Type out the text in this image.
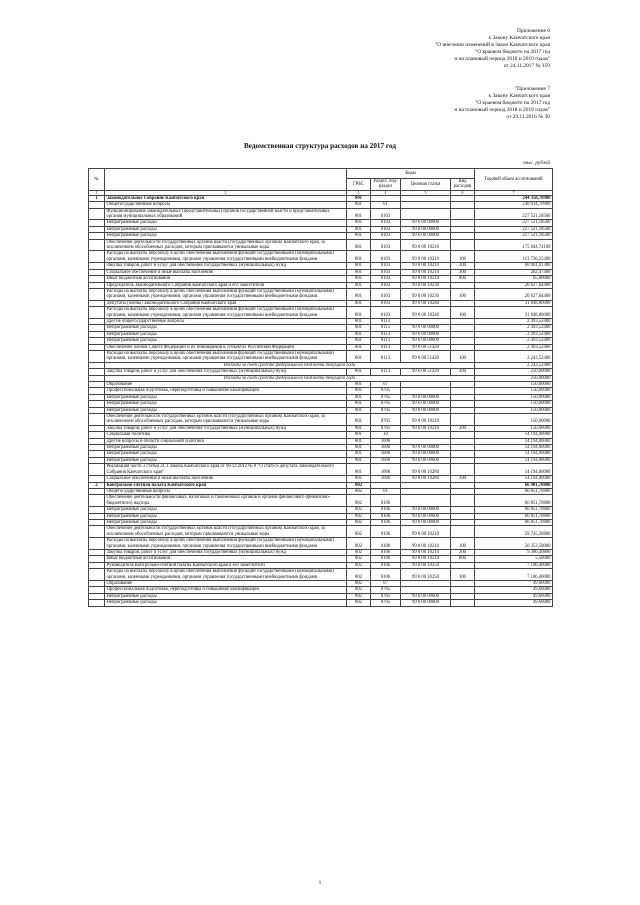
Приложение 6
к Закону Камчатского края
"О внесении изменений в Закон Камчатского края
"О краевом бюджете на 2017 год
и на плановый период 2018 и 2019 годов"
от 24.11.2017 № 159
"Приложение 7
к Закону Камчатского края
"О краевом бюджете на 2017 год
и на плановый период 2018 и 2019 годов"
от 29.11.2016 № 30
Ведомственная структура расходов на 2017 год
тыс. рублей
№		Коды				Годовой объем ассигнований
		ГРБС	Раздел, под-раздел	Целевая статья	Вид расходов	
1	2	3	4	5	6	7
1	Законодательное Собрание Камчатского края	801				244 358,70900
	Общегосударственные вопросы	801	01			230 014,70900
	Функционирование законодательных (представительных) органов государственной власти и представительных органов муниципальных образований	801	0103			227 521,18500
	Непрограммные расходы	801	0103	99 0 00 00000		227 521,18500
	Непрограммные расходы	801	0103	99 0 00 00000		227 521,18500
	Непрограммные расходы	801	0103	99 0 00 00000		227 521,18500
	Обеспечение деятельности государственных органов власти (государственных органов) Камчатского края, за исключением обособленных расходов, которым присваиваются уникальные коды	801	0103	99 0 00 10210		175 044,74100
	Расходы на выплаты персоналу в целях обеспечения выполнения функций государственными (муниципальными) органами, казенными учреждениями, органами управления государственными внебюджетными фондами	801	0103	99 0 00 10210	100	113 736,25400
	Закупка товаров, работ и услуг для обеспечения государственных (муниципальных) нужд	801	0103	99 0 00 10210	200	60 961,01300
	Социальное обеспечение и иные выплаты населению	801	0103	99 0 00 10210	300	282,47400
	Иные бюджетные ассигнования	801	0103	99 0 00 10210	800	65,00000
	Председатель Законодательного Собрания Камчатского края и его заместители	801	0103	99 0 00 10230		20 627,64400
	Расходы на выплаты персоналу в целях обеспечения выполнения функций государственными (муниципальными) органами, казенными учреждениями, органами управления государственными внебюджетными фондами	801	0103	99 0 00 10230	100	20 627,64400
	Депутаты (члены) Законодательного Собрания Камчатского края	801	0103	99 0 00 10240		31 848,80000
	Расходы на выплаты персоналу в целях обеспечения выполнения функций государственными (муниципальными) органами, казенными учреждениями, органами управления государственными внебюджетными фондами	801	0103	99 0 00 10240	100	31 848,80000
	Другие общегосударственные вопросы	801	0113			2 493,52400
	Непрограммные расходы	801	0113	99 0 00 00000		2 493,52400
	Непрограммные расходы	801	0113	99 0 00 00000		2 493,52400
	Непрограммные расходы	801	0113	99 0 00 00000		2 493,52400
	Обеспечение членов Совета Федерации и их помощников в субъектах Российской Федерации	801	0113	99 0 00 51420		2 493,52400
	Расходы на выплаты персоналу в целях обеспечения выполнения функций государственными (муниципальными) органами, казенными учреждениями, органами управления государственными внебюджетными фондами	801	0113	99 0 00 51420	100	2 243,52400
	Расходы за счет средств федерального бюджета текущего года					2 243,52400
	Закупка товаров, работ и услуг для обеспечения государственных (муниципальных) нужд	801	0113	99 0 00 51420	200	250,00000
	Расходы за счет средств федерального бюджета текущего года					250,00000
	Образование	801	07			150,00000
	Профессиональная подготовка, переподготовка и повышение квалификации	801	0705			150,00000
	Непрограммные расходы	801	0705	99 0 00 00000		150,00000
	Непрограммные расходы	801	0705	99 0 00 00000		150,00000
	Непрограммные расходы	801	0705	99 0 00 00000		150,00000
	Обеспечение деятельности государственных органов власти (государственных органов) Камчатского края, за исключением обособленных расходов, которым присваиваются уникальные коды	801	0705	99 0 00 10210		150,00000
	Закупка товаров, работ и услуг для обеспечения государственных (муниципальных) нужд	801	0705	99 0 00 10210	200	150,00000
	Социальная политика	801	10			14 194,00000
	Другие вопросы в области социальной политики	801	1006			14 194,00000
	Непрограммные расходы	801	1006	99 0 00 00000		14 194,00000
	Непрограммные расходы	801	1006	99 0 00 00000		14 194,00000
	Непрограммные расходы	801	1006	99 0 00 00000		14 194,00000
	Реализация части 3 статьи 21.1 Закона Камчатского края от 08.12.2012 № 8 "О статусе депутата Законодательного Собрания Камчатского края"	801	1006	99 0 00 10280		14 194,00000
	Социальное обеспечение и иные выплаты населению	801	1006	99 0 00 10280	300	14 194,00000
2	Контрольно-счетная палата Камчатского края	802				66 901,70800
	Общегосударственные вопросы	802	01			66 851,70800
	Обеспечение деятельности финансовых, налоговых и таможенных органов и органов финансового (финансово-бюджетного) надзора	802	0106			66 851,70800
	Непрограммные расходы	802	0106	99 0 00 00000		66 851,70800
	Непрограммные расходы	802	0106	99 0 00 00000		66 851,70800
	Непрограммные расходы	802	0106	99 0 00 00000		66 851,70800
	Обеспечение деятельности государственных органов власти (государственных органов) Камчатского края, за исключением обособленных расходов, которым присваиваются уникальные коды	802	0106	99 0 00 10210		59 745,30800
	Расходы на выплаты персоналу в целях обеспечения выполнения функций государственными (муниципальными) органами, казенными учреждениями, органами управления государственными внебюджетными фондами	802	0106	99 0 00 10210	100	50 353,50000
	Закупка товаров, работ и услуг для обеспечения государственных (муниципальных) нужд	802	0106	99 0 00 10210	200	9 386,30800
	Иные бюджетные ассигнования	802	0106	99 0 00 10210	800	5,50000
	Руководитель Контрольно-счетной палаты Камчатского края и его заместители	802	0106	99 0 00 10250		7 106,40000
	Расходы на выплаты персоналу в целях обеспечения выполнения функций государственными (муниципальными) органами, казенными учреждениями, органами управления государственными внебюджетными фондами	802	0106	99 0 00 10250	100	7 106,40000
	Образование	802	07			49,60000
	Профессиональная подготовка, переподготовка и повышение квалификации	802	0705			49,60000
	Непрограммные расходы	802	0705	99 0 00 00000		49,60000
	Непрограммные расходы	802	0705	99 0 00 00000		49,60000
1
